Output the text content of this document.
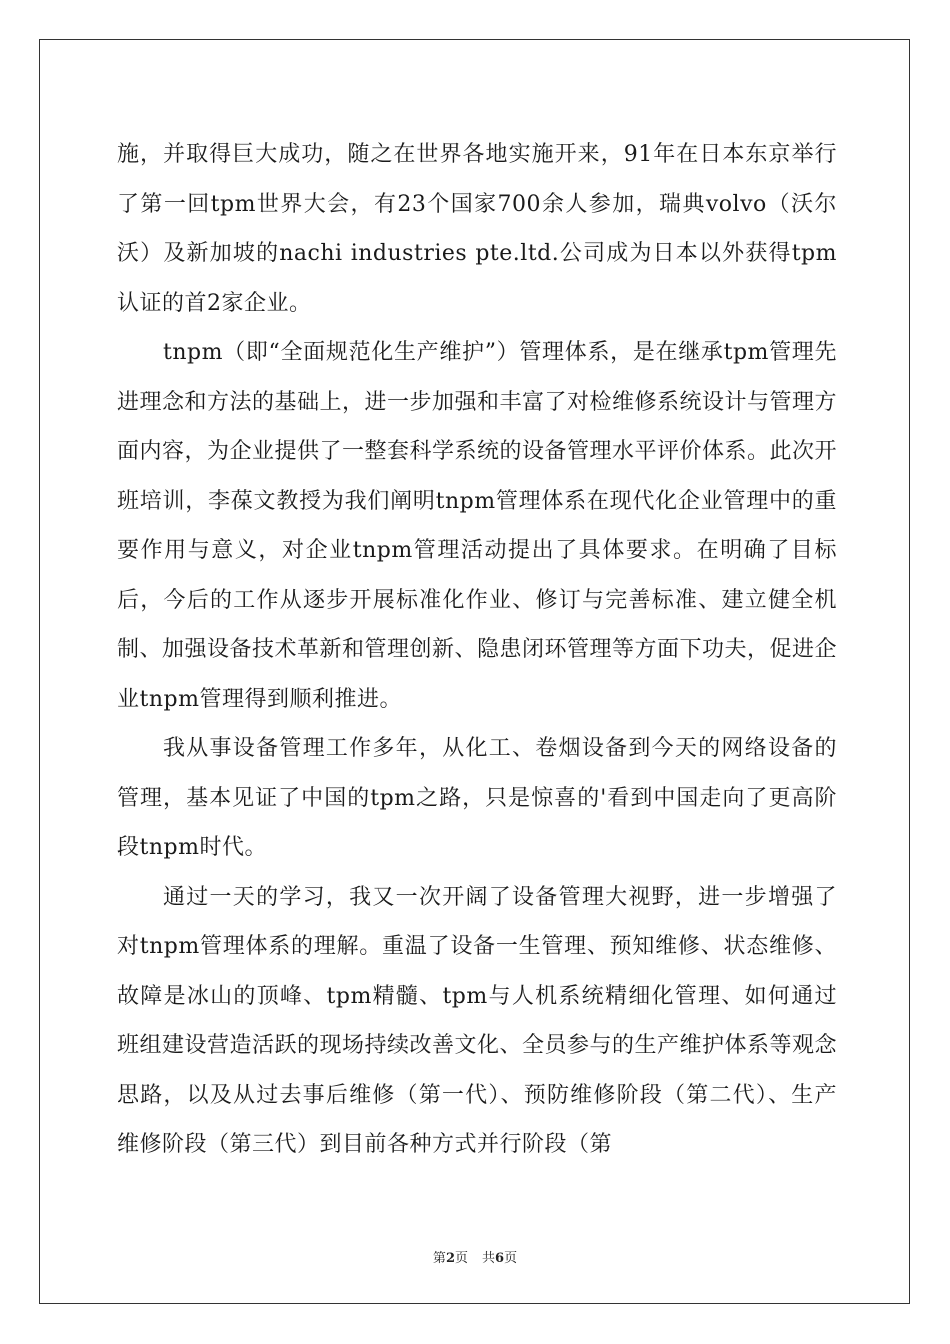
施，并取得巨大成功，随之在世界各地实施开来，91年在日本东京举行了第一回tpm世界大会，有23个国家700余人参加，瑞典volvo（沃尔沃）及新加坡的nachi industries pte.ltd.公司成为日本以外获得tpm认证的首2家企业。

tnpm（即“全面规范化生产维护”）管理体系，是在继承tpm管理先进理念和方法的基础上，进一步加强和丰富了对检维修系统设计与管理方面内容，为企业提供了一整套科学系统的设备管理水平评价体系。此次开班培训，李葆文教授为我们阐明tnpm管理体系在现代化企业管理中的重要作用与意义，对企业tnpm管理活动提出了具体要求。在明确了目标后，今后的工作从逐步开展标准化作业、修订与完善标准、建立健全机制、加强设备技术革新和管理创新、隐患闭环管理等方面下功夫，促进企业tnpm管理得到顺利推进。

我从事设备管理工作多年，从化工、卷烟设备到今天的网络设备的管理，基本见证了中国的tpm之路，只是惊喜的'看到中国走向了更高阶段tnpm时代。

通过一天的学习，我又一次开阔了设备管理大视野，进一步增强了对tnpm管理体系的理解。重温了设备一生管理、预知维修、状态维修、故障是冰山的顶峰、tpm精髓、tpm与人机系统精细化管理、如何通过班组建设营造活跃的现场持续改善文化、全员参与的生产维护体系等观念思路，以及从过去事后维修（第一代）、预防维修阶段（第二代）、生产维修阶段（第三代）到目前各种方式并行阶段（第

第2页 共6页
